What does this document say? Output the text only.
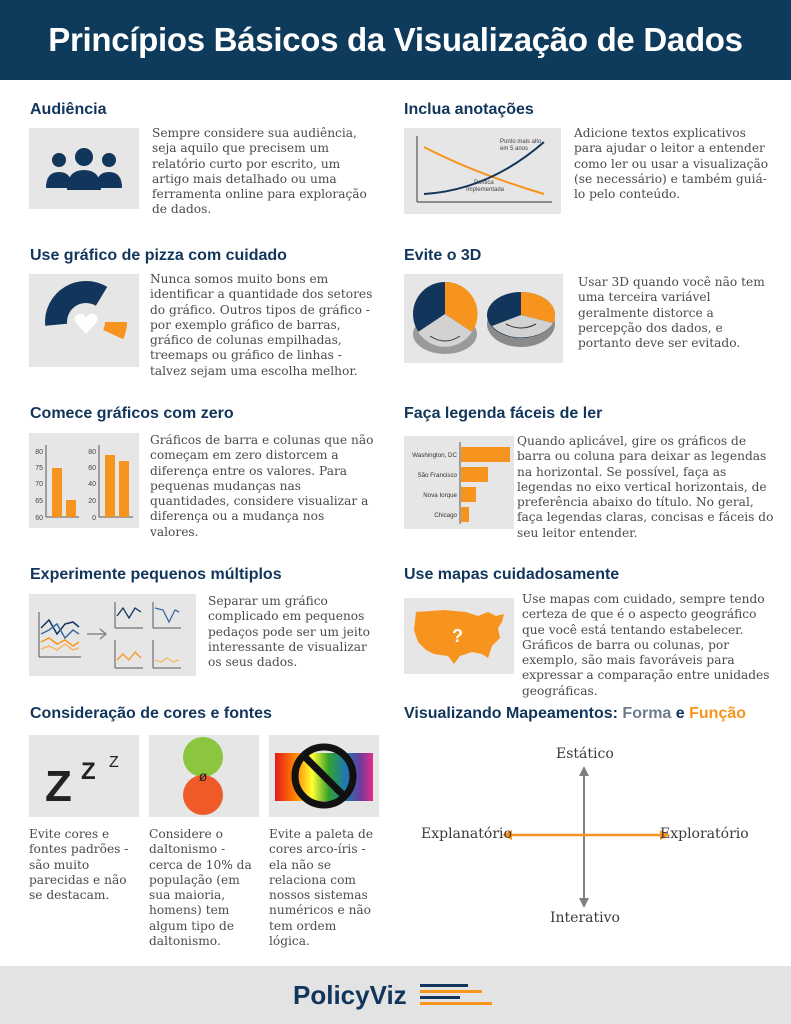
Princípios Básicos da Visualização de Dados
Audiência
Sempre considere sua audiência, seja aquilo que precisem um relatório curto por escrito, um artigo mais detalhado ou uma ferramenta online para exploração de dados.
Inclua anotações
Ponto mais alto
em 5 anos
Política
Implementada
Adicione textos explicativos para ajudar o leitor a entender como ler ou usar a visualização (se necessário) e também guiá-lo pelo conteúdo.
Use gráfico de pizza com cuidado
Nunca somos muito bons em identificar a quantidade dos setores do gráfico. Outros tipos de gráfico - por exemplo gráfico de barras, gráfico de colunas empilhadas, treemaps ou gráfico de linhas - talvez sejam uma escolha melhor.
Evite o 3D
Usar 3D quando você não tem uma terceira variável geralmente distorce a percepção dos dados, e portanto deve ser evitado.
Comece gráficos com zero
80
75
70
65
60
80
60
40
20
0
Gráficos de barra e colunas que não começam em zero distorcem a diferença entre os valores. Para pequenas mudanças nas quantidades, considere visualizar a diferença ou a mudança nos valores.
Faça legenda fáceis de ler
Washington, DC
São Francisco
Nova Iorque
Chicago
Quando aplicável, gire os gráficos de barra ou coluna para deixar as legendas na horizontal. Se possível, faça as legendas no eixo vertical horizontais, de preferência abaixo do título. No geral, faça legendas claras, concisas e fáceis do seu leitor entender.
Experimente pequenos múltiplos
Separar um gráfico complicado em pequenos pedaços pode ser um jeito interessante de visualizar os seus dados.
Use mapas cuidadosamente
?
Use mapas com cuidado, sempre tendo certeza de que é o aspecto geográfico que você está tentando estabelecer. Gráficos de barra ou colunas, por exemplo, são mais favoráveis para expressar a comparação entre unidades geográficas.
Consideração de cores e fontes
Z Z Z
ø
Evite cores e fontes padrões - são muito parecidas e não se destacam.
Considere o daltonismo - cerca de 10% da população (em sua maioria, homens) tem algum tipo de daltonismo.
Evite a paleta de cores arco-íris - ela não se relaciona com nossos sistemas numéricos e não tem ordem lógica.
Visualizando Mapeamentos: Forma e Função
Estático
Interativo
Explanatório	Exploratório
PolicyViz
